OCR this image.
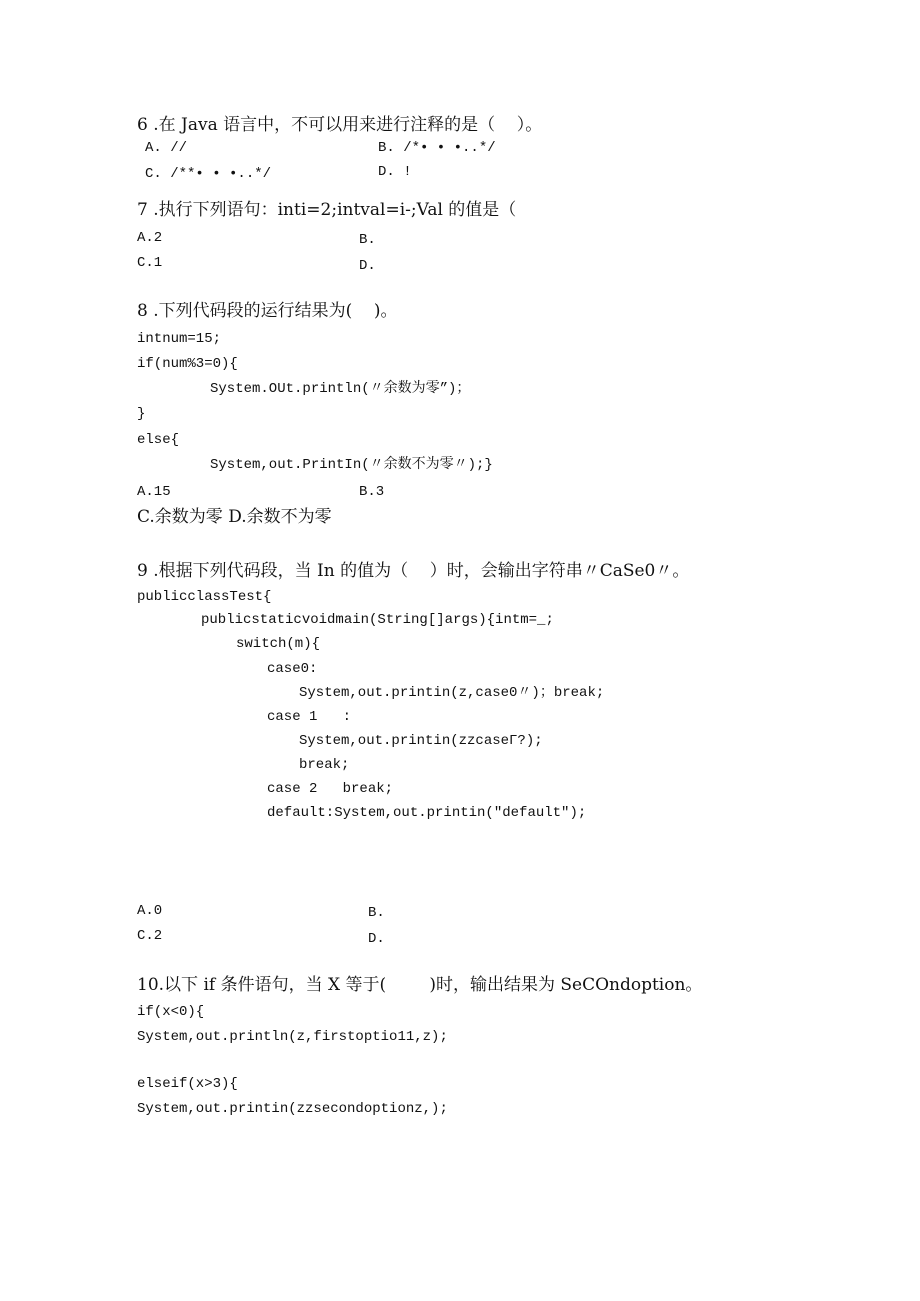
6 .在 Java 语言中，不可以用来进行注释的是（    ）。
A. //	B. /*• • •..*/
C. /**• • •..*/	D. !
7 .执行下列语句：inti=2;intval=i-;Val 的值是（
A.2	B.
C.1	D.
8 .下列代码段的运行结果为(    )。
intnum=15;
if(num%3=0){
System.OUt.println(〃余数为零”)；
}
else{
System,out.PrintIn(〃余数不为零〃);}
A.15	B.3
C.余数为零 D.余数不为零
9 .根据下列代码段，当 In 的值为（    ）时，会输出字符串〃CaSe0〃。
publicclassTest{
publicstaticvoidmain(String[]args){intm=_;
switch(m){
case0:
System,out.printin(z,case0〃)；break;
case 1   :
System,out.printin(zzcaseΓ?);
break;
case 2   break;
default:System,out.printin("default");
A.0	B.
C.2	D.
10.以下 if 条件语句，当 X 等于(        )时，输出结果为 SeCOndoption。
if(x<0){
System,out.println(z,firstoptio11,z);
elseif(x>3){
System,out.printin(zzsecondoptionz,);
